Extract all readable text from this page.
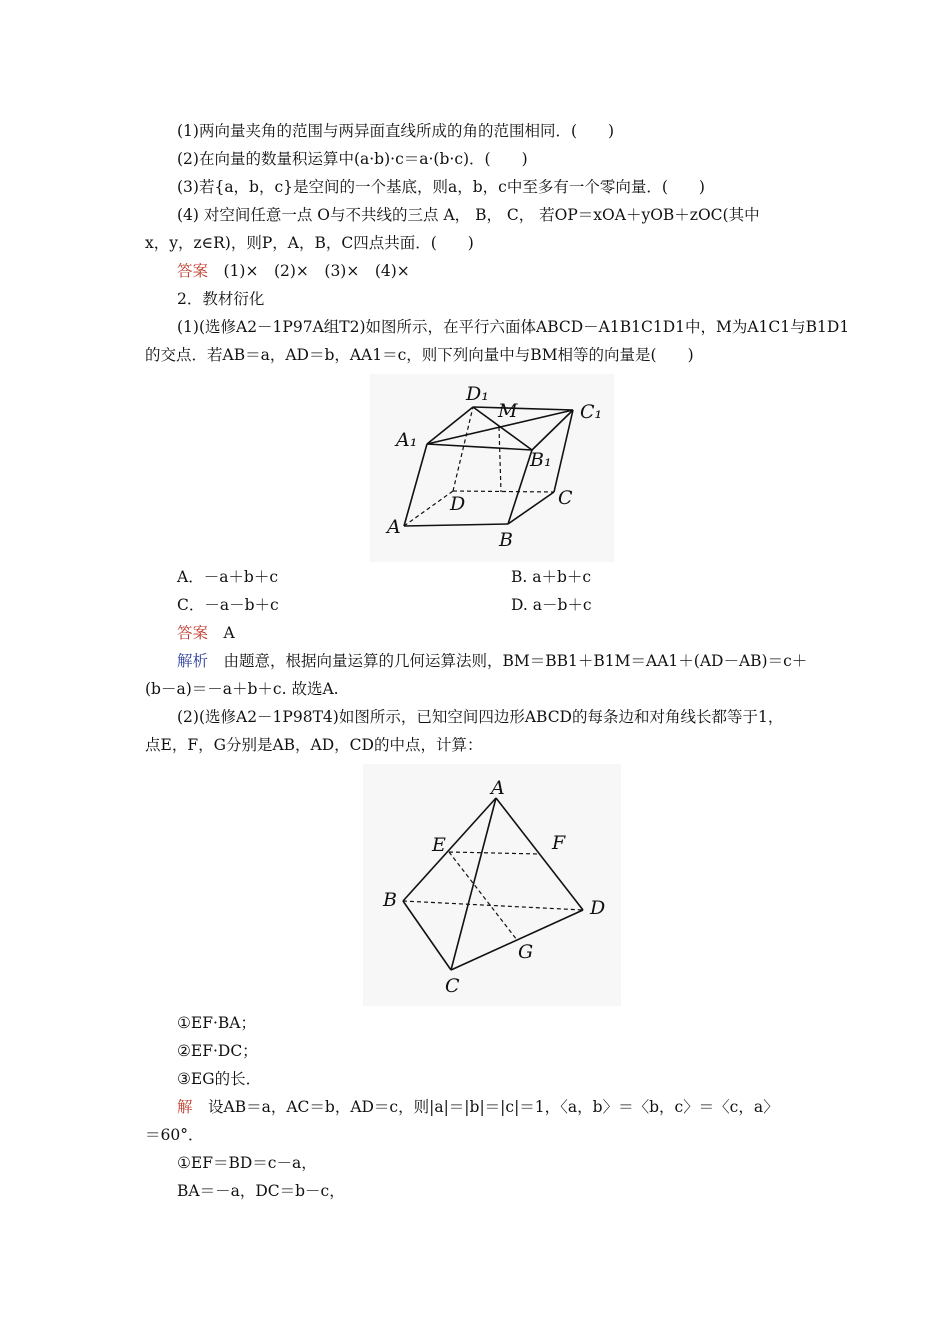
(1)两向量夹角的范围与两异面直线所成的角的范围相同．(　　)
(2)在向量的数量积运算中(a·b)·c＝a·(b·c)．(　　)
(3)若{a，b，c}是空间的一个基底，则a，b，c中至多有一个零向量．(　　)
(4) 对空间任意一点 O与不共线的三点 A， B， C， 若OP＝xOA＋yOB＋zOC(其中
x，y，z∈R)，则P，A，B，C四点共面．(　　)
答案　(1)×　(2)×　(3)×　(4)×
2．教材衍化
(1)(选修A2－1P97A组T2)如图所示，在平行六面体ABCD－A1B1C1D1中，M为A1C1与B1D1
的交点．若AB＝a，AD＝b，AA1＝c，则下列向量中与BM相等的向量是(　　)
D₁
M	C₁
A₁
B₁
D	C
A
B
A．－a＋b＋c	B. a＋b＋c
C．－a－b＋c	D. a－b＋c
答案　A
解析　由题意，根据向量运算的几何运算法则，BM＝BB1＋B1M＝AA1＋(AD－AB)＝c＋
(b－a)＝－a＋b＋c. 故选A.
(2)(选修A2－1P98T4)如图所示，已知空间四边形ABCD的每条边和对角线长都等于1，
点E，F，G分别是AB，AD，CD的中点，计算：
A
E	F
B	D
G
C
①EF·BA；
②EF·DC；
③EG的长．
解　设AB＝a，AC＝b，AD＝c，则|a|＝|b|＝|c|＝1，〈a，b〉＝〈b，c〉＝〈c，a〉
＝60°．
①EF＝BD＝c－a，
BA＝－a，DC＝b－c，
